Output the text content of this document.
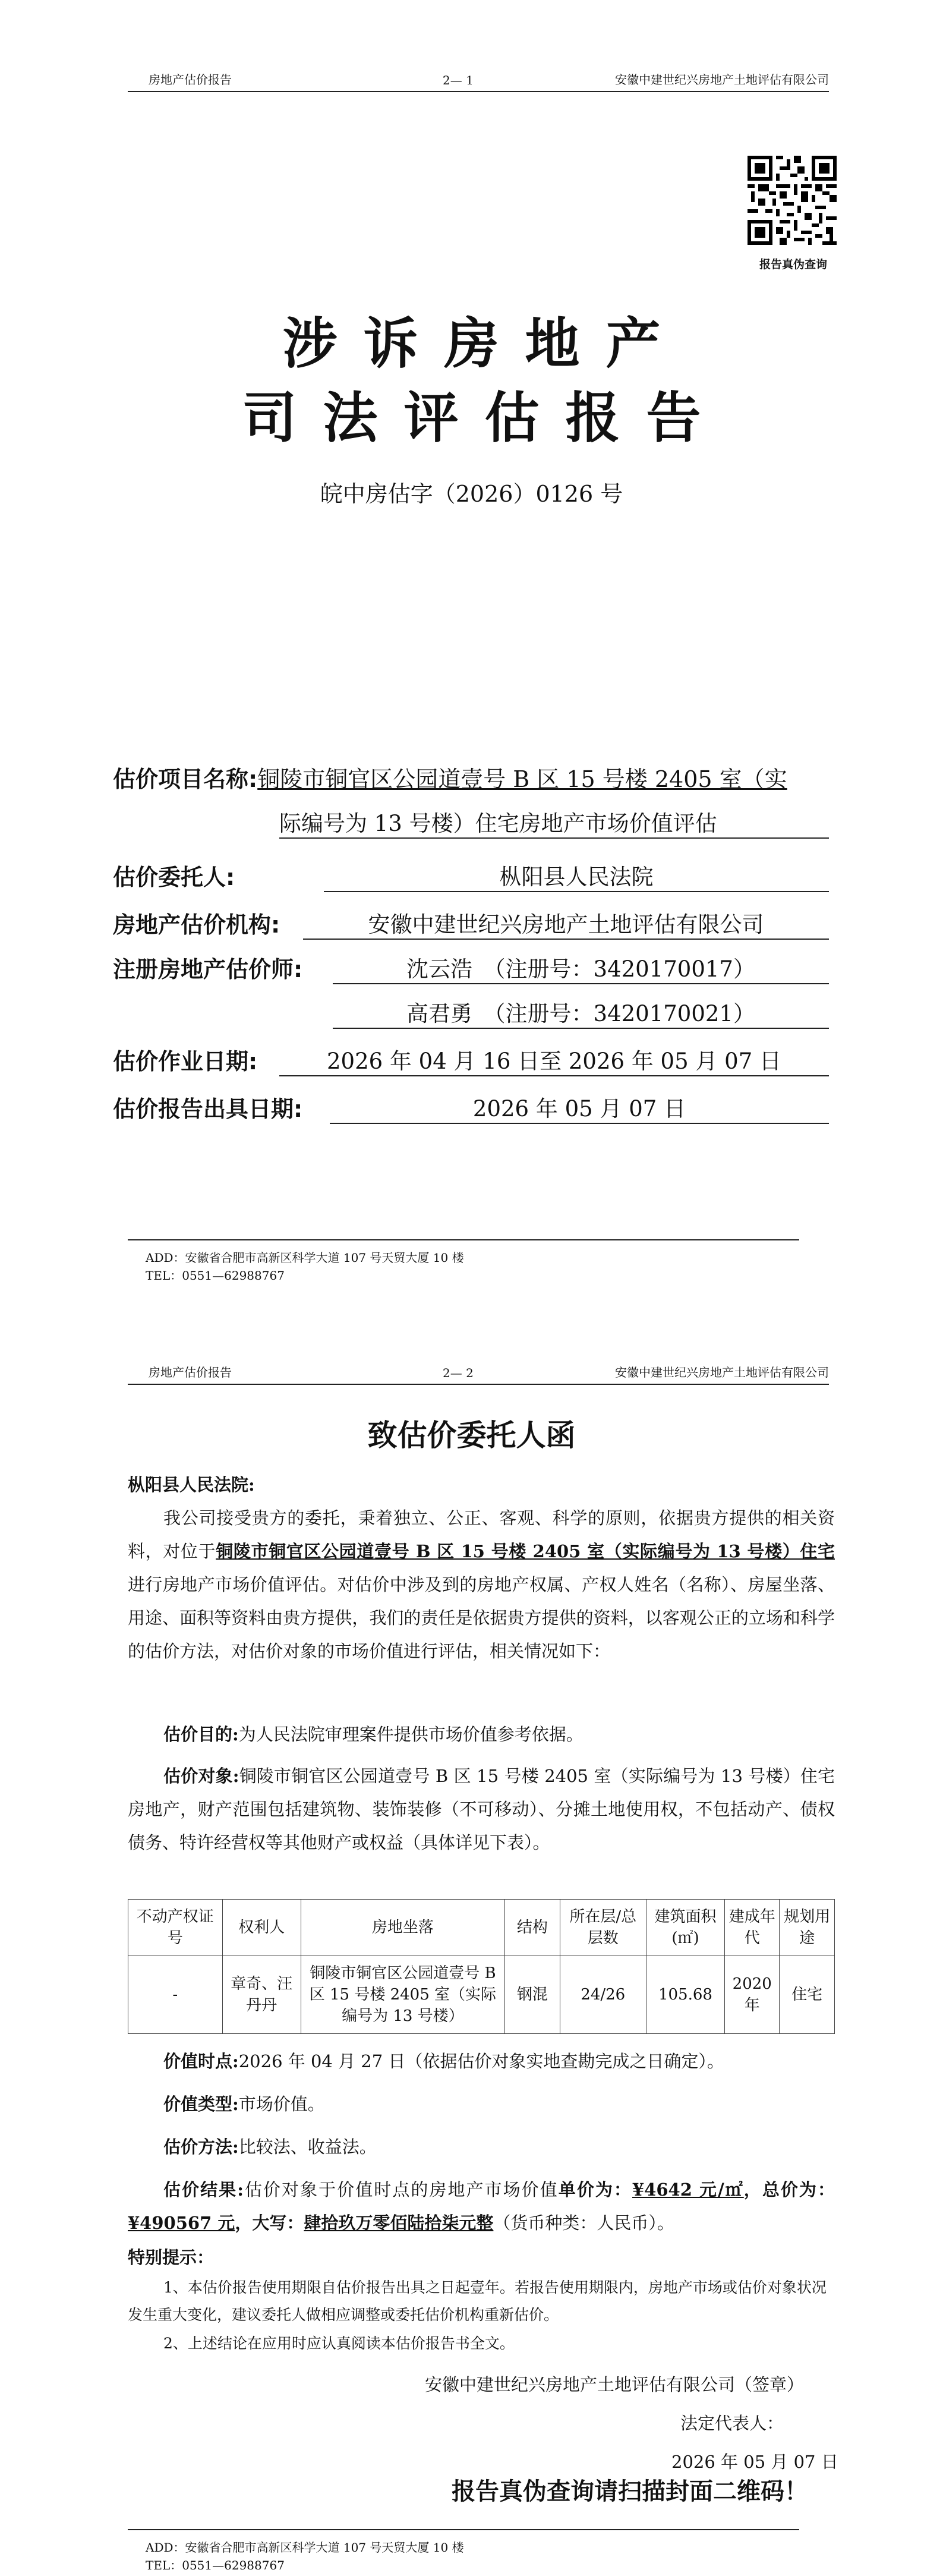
房地产估价报告	2— 1	安徽中建世纪兴房地产土地评估有限公司
报告真伪查询
涉诉房地产
司法评估报告
皖中房估字（2026）0126 号
估价项目名称:铜陵市铜官区公园道壹号 B 区 15 号楼 2405 室（实
际编号为 13 号楼）住宅房地产市场价值评估
估价委托人:	枞阳县人民法院
房地产估价机构:	安徽中建世纪兴房地产土地评估有限公司
注册房地产估价师:	沈云浩　（注册号：3420170017）
高君勇　（注册号：3420170021）
估价作业日期:	2026 年 04 月 16 日至 2026 年 05 月 07 日
估价报告出具日期:	2026 年 05 月 07 日
ADD：安徽省合肥市高新区科学大道 107 号天贸大厦 10 楼
TEL：0551—62988767
房地产估价报告	2— 2	安徽中建世纪兴房地产土地评估有限公司
致估价委托人函
枞阳县人民法院:
我公司接受贵方的委托，秉着独立、公正、客观、科学的原则，依据贵方提供的相关资料，对位于铜陵市铜官区公园道壹号 B 区 15 号楼 2405 室（实际编号为 13 号楼）住宅进行房地产市场价值评估。对估价中涉及到的房地产权属、产权人姓名（名称）、房屋坐落、用途、面积等资料由贵方提供，我们的责任是依据贵方提供的资料，以客观公正的立场和科学的估价方法，对估价对象的市场价值进行评估，相关情况如下：
估价目的:为人民法院审理案件提供市场价值参考依据。
估价对象:铜陵市铜官区公园道壹号 B 区 15 号楼 2405 室（实际编号为 13 号楼）住宅房地产，财产范围包括建筑物、装饰装修（不可移动）、分摊土地使用权，不包括动产、债权债务、特许经营权等其他财产或权益（具体详见下表）。
不动产权证号	权利人	房地坐落	结构	所在层/总层数	建筑面积(㎡)	建成年代	规划用途
-	章奇、汪丹丹	铜陵市铜官区公园道壹号 B 区 15 号楼 2405 室（实际编号为 13 号楼）	钢混	24/26	105.68	2020 年	住宅
价值时点:2026 年 04 月 27 日（依据估价对象实地查勘完成之日确定）。
价值类型:市场价值。
估价方法:比较法、收益法。
估价结果:估价对象于价值时点的房地产市场价值单价为：¥4642 元/㎡，总价为：¥490567 元，大写：肆拾玖万零佰陆拾柒元整（货币种类：人民币）。
特别提示：
1、本估价报告使用期限自估价报告出具之日起壹年。若报告使用期限内，房地产市场或估价对象状况发生重大变化，建议委托人做相应调整或委托估价机构重新估价。
2、上述结论在应用时应认真阅读本估价报告书全文。
安徽中建世纪兴房地产土地评估有限公司（签章）
法定代表人：
2026 年 05 月 07 日
报告真伪查询请扫描封面二维码！
ADD：安徽省合肥市高新区科学大道 107 号天贸大厦 10 楼
TEL：0551—62988767
